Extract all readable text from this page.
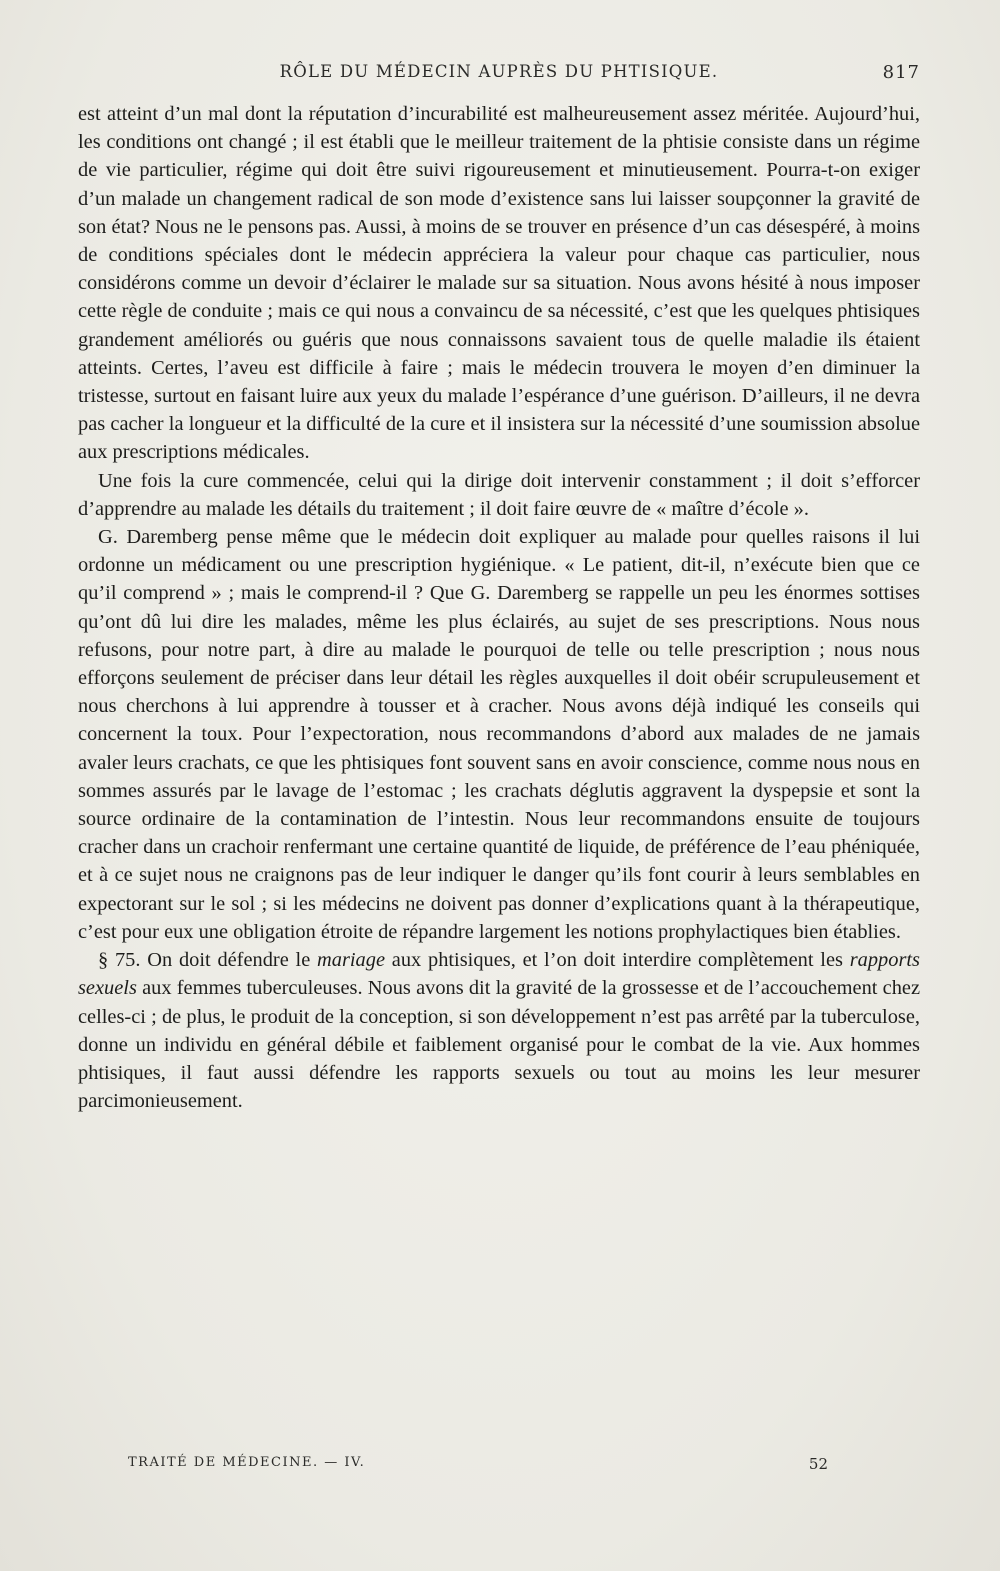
RÔLE DU MÉDECIN AUPRÈS DU PHTISIQUE.	817

est atteint d’un mal dont la réputation d’incurabilité est malheureusement assez méritée. Aujourd’hui, les conditions ont changé ; il est établi que le meilleur traitement de la phtisie consiste dans un régime de vie particulier, régime qui doit être suivi rigoureusement et minutieusement. Pourra-t-on exiger d’un malade un changement radical de son mode d’existence sans lui laisser soupçonner la gravité de son état? Nous ne le pensons pas. Aussi, à moins de se trouver en présence d’un cas désespéré, à moins de conditions spéciales dont le médecin appréciera la valeur pour chaque cas particulier, nous considérons comme un devoir d’éclairer le malade sur sa situation. Nous avons hésité à nous imposer cette règle de conduite ; mais ce qui nous a convaincu de sa nécessité, c’est que les quelques phtisiques grandement améliorés ou guéris que nous connaissons savaient tous de quelle maladie ils étaient atteints. Certes, l’aveu est difficile à faire ; mais le médecin trouvera le moyen d’en diminuer la tristesse, surtout en faisant luire aux yeux du malade l’espérance d’une guérison. D’ailleurs, il ne devra pas cacher la longueur et la difficulté de la cure et il insistera sur la nécessité d’une soumission absolue aux prescriptions médicales.

Une fois la cure commencée, celui qui la dirige doit intervenir constamment ; il doit s’efforcer d’apprendre au malade les détails du traitement ; il doit faire œuvre de « maître d’école ».

G. Daremberg pense même que le médecin doit expliquer au malade pour quelles raisons il lui ordonne un médicament ou une prescription hygiénique. « Le patient, dit-il, n’exécute bien que ce qu’il comprend » ; mais le comprend-il ? Que G. Daremberg se rappelle un peu les énormes sottises qu’ont dû lui dire les malades, même les plus éclairés, au sujet de ses prescriptions. Nous nous refusons, pour notre part, à dire au malade le pourquoi de telle ou telle prescription ; nous nous efforçons seulement de préciser dans leur détail les règles auxquelles il doit obéir scrupuleusement et nous cherchons à lui apprendre à tousser et à cracher. Nous avons déjà indiqué les conseils qui concernent la toux. Pour l’expectoration, nous recommandons d’abord aux malades de ne jamais avaler leurs crachats, ce que les phtisiques font souvent sans en avoir conscience, comme nous nous en sommes assurés par le lavage de l’estomac ; les crachats déglutis aggravent la dyspepsie et sont la source ordinaire de la contamination de l’intestin. Nous leur recommandons ensuite de toujours cracher dans un crachoir renfermant une certaine quantité de liquide, de préférence de l’eau phéniquée, et à ce sujet nous ne craignons pas de leur indiquer le danger qu’ils font courir à leurs semblables en expectorant sur le sol ; si les médecins ne doivent pas donner d’explications quant à la thérapeutique, c’est pour eux une obligation étroite de répandre largement les notions prophylactiques bien établies.

§ 75. On doit défendre le mariage aux phtisiques, et l’on doit interdire complètement les rapports sexuels aux femmes tuberculeuses. Nous avons dit la gravité de la grossesse et de l’accouchement chez celles-ci ; de plus, le produit de la conception, si son développement n’est pas arrêté par la tuberculose, donne un individu en général débile et faiblement organisé pour le combat de la vie. Aux hommes phtisiques, il faut aussi défendre les rapports sexuels ou tout au moins les leur mesurer parcimonieusement.

TRAITÉ DE MÉDECINE. — IV.	52
